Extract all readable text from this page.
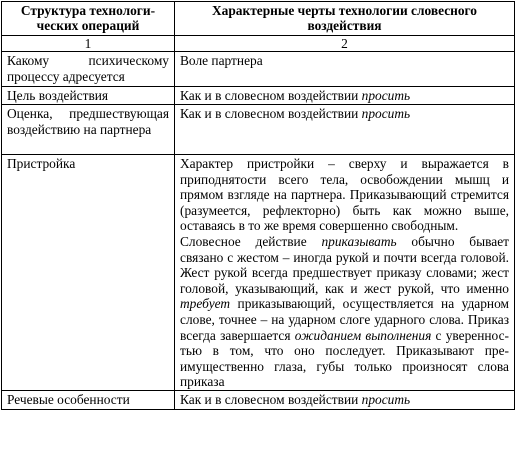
Структура технологических операций	Характерные черты технологии словесного воздействия
1	2
Какому психическому процессу адресуется	Воле партнера
Цель воздействия	Как и в словесном воздействии просить
Оценка, предшествующая воздействию на партнера	Как и в словесном воздействии просить
Пристройка	Характер пристройки – сверху и выражается в приподнятости всего тела, освобождении мышц и прямом взгляде на партнера. Приказывающий стремится (разумеется, рефлекторно) быть как можно выше, оставаясь в то же время совершенно свободным.

Словесное действие приказывать обычно бывает связано с жестом – иногда рукой и почти всегда головой. Жест рукой всегда предшествует приказу словами; жест головой, указывающий, как и жест рукой, что именно требует приказывающий, осуществляется на ударном слове, точнее – на ударном слоге ударного слова. Приказ всегда завершается ожиданием выполнения с уверенностью в том, что оно последует. Приказывают преимущественно глаза, губы только произносят слова приказа

Речевые особенности	Как и в словесном воздействии просить
